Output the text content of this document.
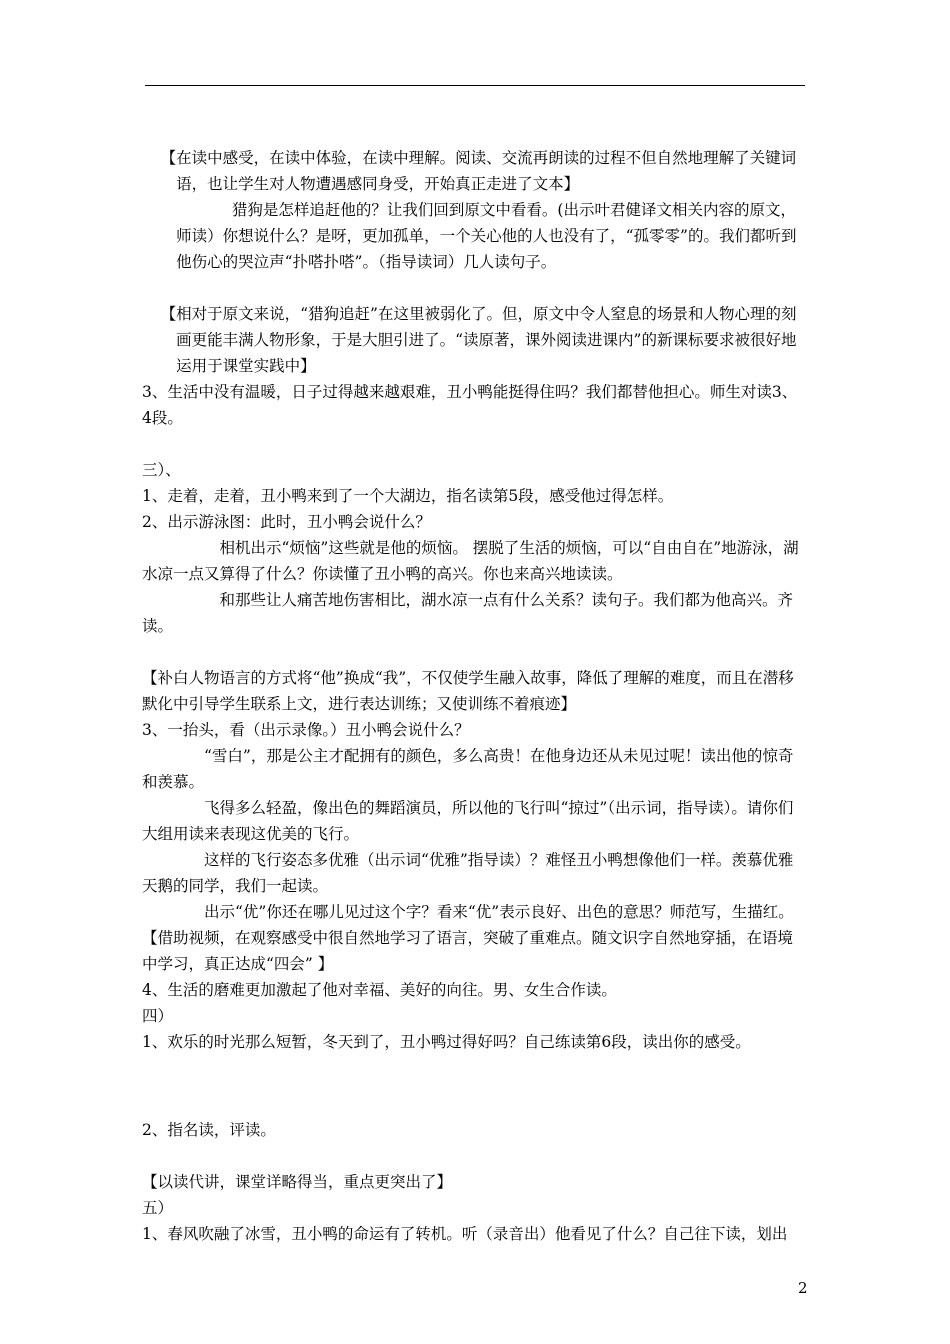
【在读中感受，在读中体验，在读中理解。阅读、交流再朗读的过程不但自然地理解了关键词语，也让学生对人物遭遇感同身受，开始真正走进了文本】

猎狗是怎样追赶他的？让我们回到原文中看看。(出示叶君健译文相关内容的原文，师读）你想说什么？是呀，更加孤单，一个关心他的人也没有了，“孤零零”的。我们都听到他伤心的哭泣声“扑嗒扑嗒”。（指导读词）几人读句子。

【相对于原文来说，“猎狗追赶”在这里被弱化了。但，原文中令人窒息的场景和人物心理的刻画更能丰满人物形象，于是大胆引进了。“读原著，课外阅读进课内”的新课标要求被很好地运用于课堂实践中】

3、生活中没有温暖，日子过得越来越艰难，丑小鸭能挺得住吗？我们都替他担心。师生对读3、4段。

三）、

1、走着，走着，丑小鸭来到了一个大湖边，指名读第5段，感受他过得怎样。

2、出示游泳图：此时，丑小鸭会说什么？

相机出示“烦恼”这些就是他的烦恼。 摆脱了生活的烦恼，可以“自由自在”地游泳，湖水凉一点又算得了什么？你读懂了丑小鸭的高兴。你也来高兴地读读。

和那些让人痛苦地伤害相比，湖水凉一点有什么关系？读句子。我们都为他高兴。齐读。

【补白人物语言的方式将“他”换成“我”，不仅使学生融入故事，降低了理解的难度，而且在潜移默化中引导学生联系上文，进行表达训练；又使训练不着痕迹】

3、一抬头，看（出示录像。）丑小鸭会说什么？

“雪白”，那是公主才配拥有的颜色，多么高贵！在他身边还从未见过呢！读出他的惊奇和羡慕。

飞得多么轻盈，像出色的舞蹈演员，所以他的飞行叫“掠过”（出示词，指导读）。请你们大组用读来表现这优美的飞行。

这样的飞行姿态多优雅（出示词“优雅”指导读）？难怪丑小鸭想像他们一样。羡慕优雅天鹅的同学，我们一起读。

出示“优”你还在哪儿见过这个字？看来“优”表示良好、出色的意思？师范写，生描红。

【借助视频，在观察感受中很自然地学习了语言，突破了重难点。随文识字自然地穿插，在语境中学习，真正达成“四会” 】

4、生活的磨难更加激起了他对幸福、美好的向往。男、女生合作读。

四）

1、欢乐的时光那么短暂，冬天到了，丑小鸭过得好吗？自己练读第6段，读出你的感受。

2、指名读，评读。

【以读代讲，课堂详略得当，重点更突出了】

五）

1、春风吹融了冰雪，丑小鸭的命运有了转机。听（录音出）他看见了什么？自己往下读，划出

2
